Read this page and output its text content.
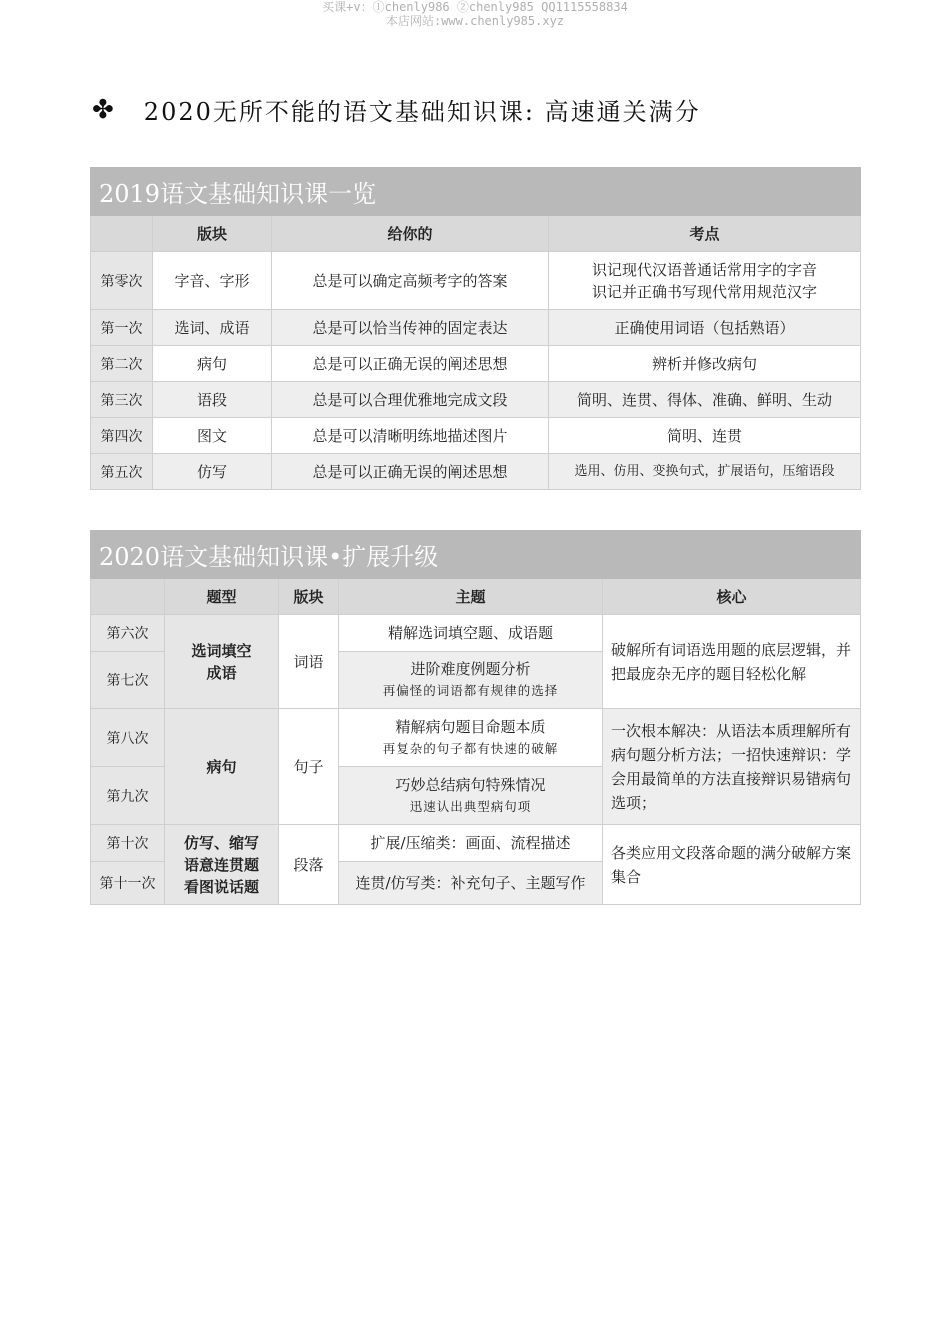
买课+v：①chenly986 ②chenly985 QQ1115558834
本店网站:www.chenly985.xyz
✤ 2020无所不能的语文基础知识课: 高速通关满分
2019语文基础知识课一览			
	版块	给你的	考点
第零次	字音、字形	总是可以确定高频考字的答案	识记现代汉语普通话常用字的字音
识记并正确书写现代常用规范汉字

第一次	选词、成语	总是可以恰当传神的固定表达	正确使用词语（包括熟语）
第二次	病句	总是可以正确无误的阐述思想	辨析并修改病句
第三次	语段	总是可以合理优雅地完成文段	简明、连贯、得体、准确、鲜明、生动
第四次	图文	总是可以清晰明练地描述图片	简明、连贯
第五次	仿写	总是可以正确无误的阐述思想	选用、仿用、变换句式，扩展语句，压缩语段
2020语文基础知识课•扩展升级				
	题型	版块	主题	核心
第六次	选词填空
成语	词语	精解选词填空题、成语题	破解所有词语选用题的底层逻辑，并把最庞杂无序的题目轻松化解
第七次			进阶难度例题分析
再偏怪的词语都有规律的选择	

第八次	病句	句子	精解病句题目命题本质
再复杂的句子都有快速的破解	一次根本解决：从语法本质理解所有病句题分析方法；一招快速辩识：学会用最简单的方法直接辩识易错病句选项；
第九次			巧妙总结病句特殊情况
迅速认出典型病句项	

第十次	仿写、缩写
语意连贯题
看图说话题	段落	扩展/压缩类：画面、流程描述	各类应用文段落命题的满分破解方案集合
第十一次			连贯/仿写类：补充句子、主题写作	
